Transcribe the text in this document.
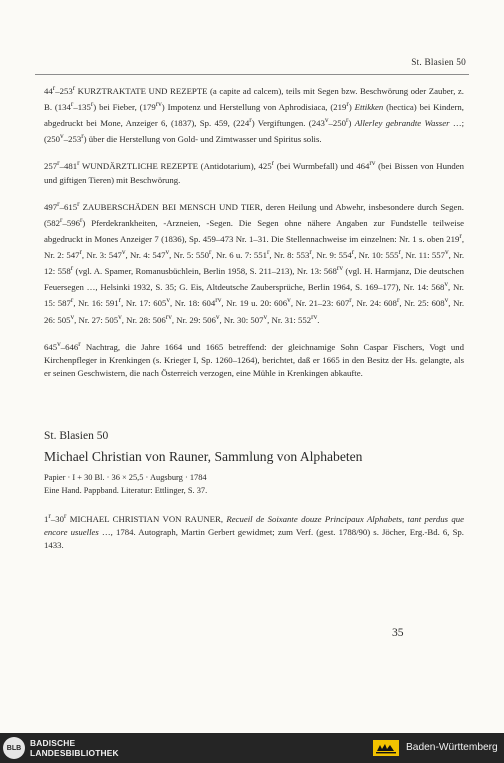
St. Blasien 50

44$^r$–253$^r$ KURZTRAKTATE UND REZEPTE (a capite ad calcem), teils mit Segen bzw. Beschwörung oder Zauber, z. B. (134$^r$–135$^r$) bei Fieber, $(179^{rv})$ Impotenz und Herstellung von Aphrodisiaca, (219$^r$) Ettikken (hectica) bei Kindern, abgedruckt bei Mone, Anzeiger 6, (1837), Sp. 459, (224$^r$) Vergiftungen. (243$^v$–250$^r$) Allerley gebrandte Wasser …; (250$^v$–253$^r$) über die Herstellung von Gold- und Zimtwasser und Spiritus solis.

257$^r$–481$^r$ WUNDÄRZTLICHE REZEPTE (Antidotarium), 425$^r$ (bei Wurmbefall) und $464^{rv}$ (bei Bissen von Hunden und giftigen Tieren) mit Beschwörung.

497$^r$–615$^r$ ZAUBERSCHÄDEN BEI MENSCH UND TIER, deren Heilung und Abwehr, insbesondere durch Segen. (582$^r$–596$^r$) Pferdekrankheiten, -Arzneien, -Segen. Die Segen ohne nähere Angaben zur Fundstelle teilweise abgedruckt in Mones Anzeiger 7 (1836), Sp. 459–473 Nr. 1–31. Die Stellennachweise im einzelnen: Nr. 1 s. oben 219$^r$, Nr. 2: 547$^r$, Nr. 3: 547$^v$, Nr. 4: 547$^v$, Nr. 5: 550$^r$, Nr. 6 u. 7: 551$^r$, Nr. 8: 553$^r$, Nr. 9: 554$^r$, Nr. 10: 555$^r$, Nr. 11: 557$^v$, Nr. 12: 558$^r$ (vgl. A. Spamer, Romanusbüchlein, Berlin 1958, S. 211–213), Nr. 13: $568^{rv}$ (vgl. H. Harmjanz, Die deutschen Feuersegen …, Helsinki 1932, S. 35; G. Eis, Altdeutsche Zaubersprüche, Berlin 1964, S. 169–177), Nr. 14: 568$^v$, Nr. 15: 587$^r$, Nr. 16: 591$^r$, Nr. 17: 605$^v$, Nr. 18: $604^{rv}$, Nr. 19 u. 20: 606$^v$, Nr. 21–23: 607$^r$, Nr. 24: 608$^r$, Nr. 25: 608$^v$, Nr. 26: 505$^v$, Nr. 27: 505$^v$, Nr. 28: $506^{rv}$, Nr. 29: 506$^v$, Nr. 30: 507$^v$, Nr. 31: $552^{rv}$.

645$^v$–646$^r$ Nachtrag, die Jahre 1664 und 1665 betreffend: der gleichnamige Sohn Caspar Fischers, Vogt und Kirchenpfleger in Krenkingen (s. Krieger I, Sp. 1260–1264), berichtet, daß er 1665 in den Besitz der Hs. gelangte, als er seinen Geschwistern, die nach Österreich verzogen, eine Mühle in Krenkingen abkaufte.

St. Blasien 50
Michael Christian von Rauner, Sammlung von Alphabeten

Papier · I + 30 Bl. · 36 × 25,5 · Augsburg · 1784

Eine Hand. Pappband. Literatur: Ettlinger, S. 37.

1$^r$–30$^r$ MICHAEL CHRISTIAN VON RAUNER, Recueil de Soixante douze Principaux Alphabets, tant perdus que encore usuelles …, 1784. Autograph, Martin Gerbert gewidmet; zum Verf. (gest. 1788/90) s. Jöcher, Erg.-Bd. 6, Sp. 1433.

35
BLB	BADISCHE
LANDESBIBLIOTHEK	Baden-Württemberg
